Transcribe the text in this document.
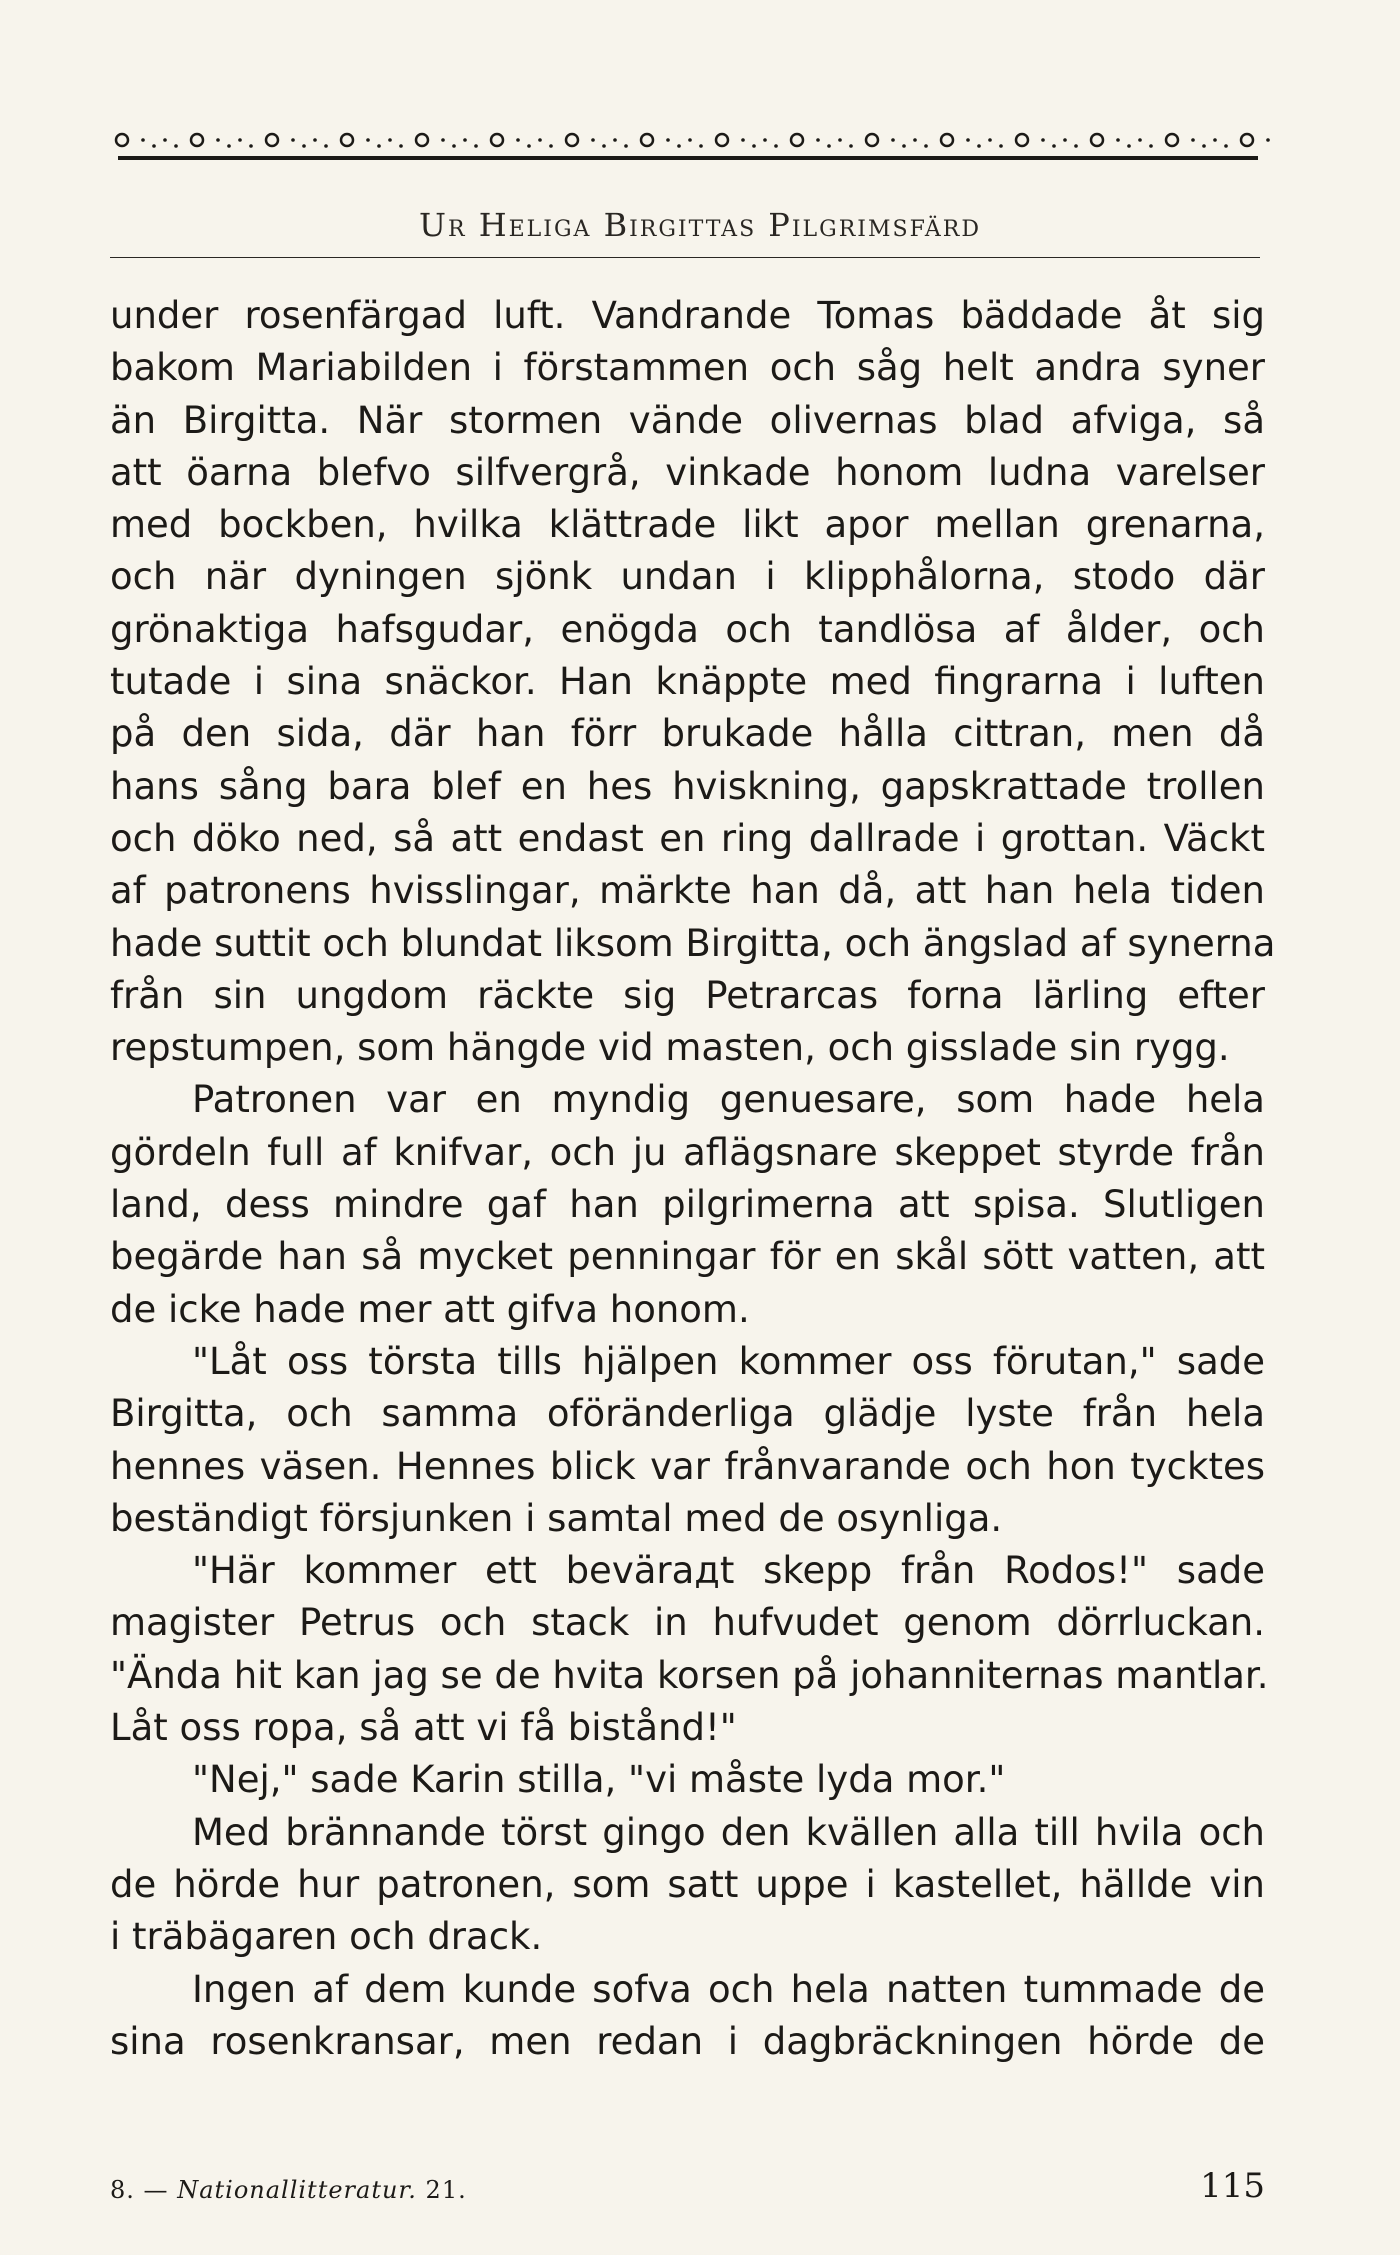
Ur Heliga Birgittas Pilgrimsfärd
under rosenfärgad luft. Vandrande Tomas bäddade åt sig
bakom Mariabilden i förstammen och såg helt andra syner
än Birgitta. När stormen vände olivernas blad afviga, så
att öarna blefvo silfvergrå, vinkade honom ludna varelser
med bockben, hvilka klättrade likt apor mellan grenarna,
och när dyningen sjönk undan i klipphålorna, stodo där
grönaktiga hafsgudar, enögda och tandlösa af ålder, och
tutade i sina snäckor. Han knäppte med fingrarna i luften
på den sida, där han förr brukade hålla cittran, men då
hans sång bara blef en hes hviskning, gapskrattade trollen
och döko ned, så att endast en ring dallrade i grottan. Väckt
af patronens hvisslingar, märkte han då, att han hela tiden
hade suttit och blundat liksom Birgitta, och ängslad af synerna
från sin ungdom räckte sig Petrarcas forna lärling efter
repstumpen, som hängde vid masten, och gisslade sin rygg.
Patronen var en myndig genuesare, som hade hela
gördeln full af knifvar, och ju aflägsnare skeppet styrde från
land, dess mindre gaf han pilgrimerna att spisa. Slutligen
begärde han så mycket penningar för en skål sött vatten, att
de icke hade mer att gifva honom.
"Låt oss törsta tills hjälpen kommer oss förutan," sade
Birgitta, och samma oföränderliga glädje lyste från hela
hennes väsen. Hennes blick var frånvarande och hon tycktes
beständigt försjunken i samtal med de osynliga.
"Här kommer ett bevärадt skepp från Rodos!" sade
magister Petrus och stack in hufvudet genom dörrluckan.
"Ända hit kan jag se de hvita korsen på johanniternas mantlar.
Låt oss ropa, så att vi få bistånd!"
"Nej," sade Karin stilla, "vi måste lyda mor."
Med brännande törst gingo den kvällen alla till hvila och
de hörde hur patronen, som satt uppe i kastellet, hällde vin
i träbägaren och drack.
Ingen af dem kunde sofva och hela natten tummade de
sina rosenkransar, men redan i dagbräckningen hörde de
8. — Nationallitteratur. 21.	115
